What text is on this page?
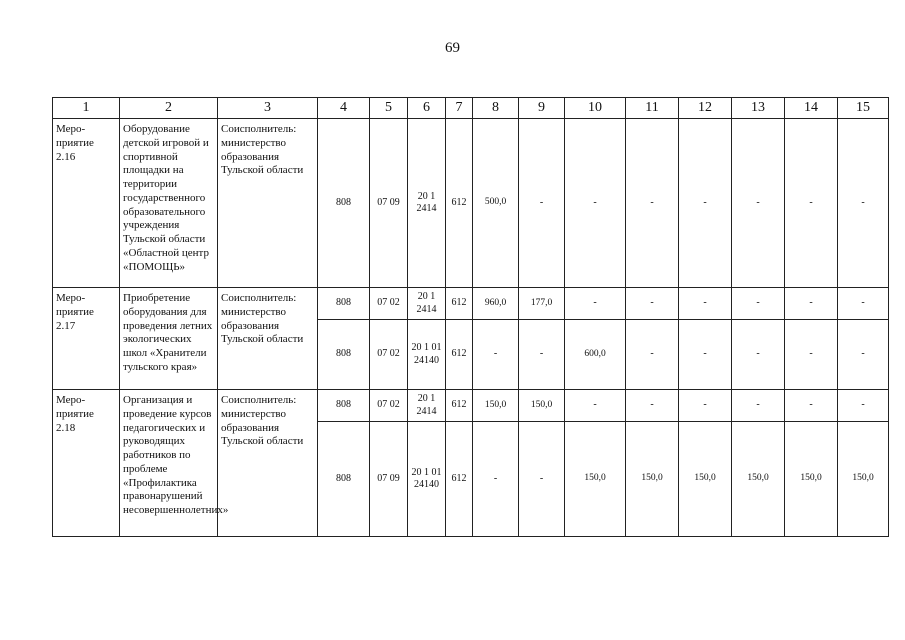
69
1	2	3	4	5	6	7	8	9	10	11	12	13	14	15

Меро-
приятие
2.16	Оборудование детской игровой и спортивной площадки на территории государственного образовательного учреждения Тульской области «Областной центр «ПОМОЩЬ»	Соисполнитель: министерство образования Тульской области	808	07 09	20 1 2414	612	500,0	-	-	-	-	-	-	-

Меро-
приятие
2.17	Приобретение оборудования для проведения летних экологических школ «Хранители тульского края»	Соисполнитель: министерство образования Тульской области	808	07 02	20 1 2414	612	960,0	177,0	-	-	-	-	-	-
			808	07 02	20 1 01 24140	612	-	-	600,0	-	-	-	-	-

Меро-
приятие
2.18	Организация и проведение курсов педагогических и руководящих работников по проблеме «Профилактика правонарушений несовершеннолетних»	Соисполнитель: министерство образования Тульской области	808	07 02	20 1 2414	612	150,0	150,0	-	-	-	-	-	-
			808	07 09	20 1 01 24140	612	-	-	150,0	150,0	150,0	150,0	150,0	150,0
